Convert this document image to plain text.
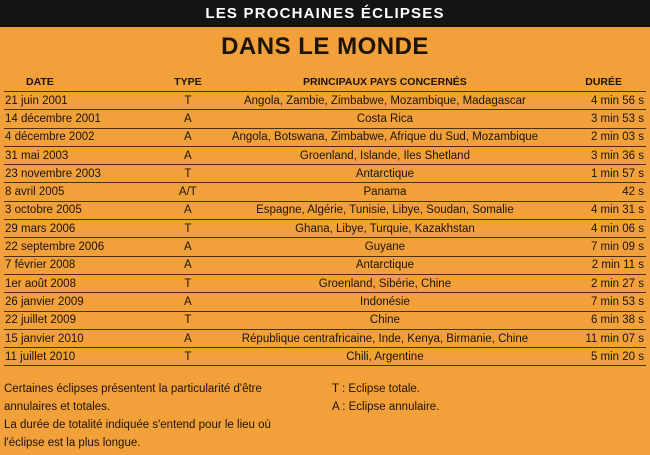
LES PROCHAINES ÉCLIPSES
DANS LE MONDE
DATE	TYPE	PRINCIPAUX PAYS CONCERNÉS	DURÉE
21 juin 2001	T	Angola, Zambie, Zimbabwe, Mozambique, Madagascar	4 min 56 s
14 décembre 2001	A	Costa Rica	3 min 53 s
4 décembre 2002	A	Angola, Botswana, Zimbabwe, Afrique du Sud, Mozambique	2 min 03 s
31 mai 2003	A	Groenland, Islande, Iles Shetland	3 min 36 s
23 novembre 2003	T	Antarctique	1 min 57 s
8 avril 2005	A/T	Panama	42 s
3 octobre 2005	A	Espagne, Algérie, Tunisie, Libye, Soudan, Somalie	4 min 31 s
29 mars 2006	T	Ghana, Libye, Turquie, Kazakhstan	4 min 06 s
22 septembre 2006	A	Guyane	7 min 09 s
7 février 2008	A	Antarctique	2 min 11 s
1er août 2008	T	Groenland, Sibérie, Chine	2 min 27 s
26 janvier 2009	A	Indonésie	7 min 53 s
22 juillet 2009	T	Chine	6 min 38 s
15 janvier 2010	A	République centrafricaine, Inde, Kenya, Birmanie, Chine	11 min 07 s
11 juillet 2010	T	Chili, Argentine	5 min 20 s

Certaines éclipses présentent la particularité d'être

annulaires et totales.

La durée de totalité indiquée s'entend pour le lieu où

l'éclipse est la plus longue.

T : Eclipse totale.

A : Eclipse annulaire.
